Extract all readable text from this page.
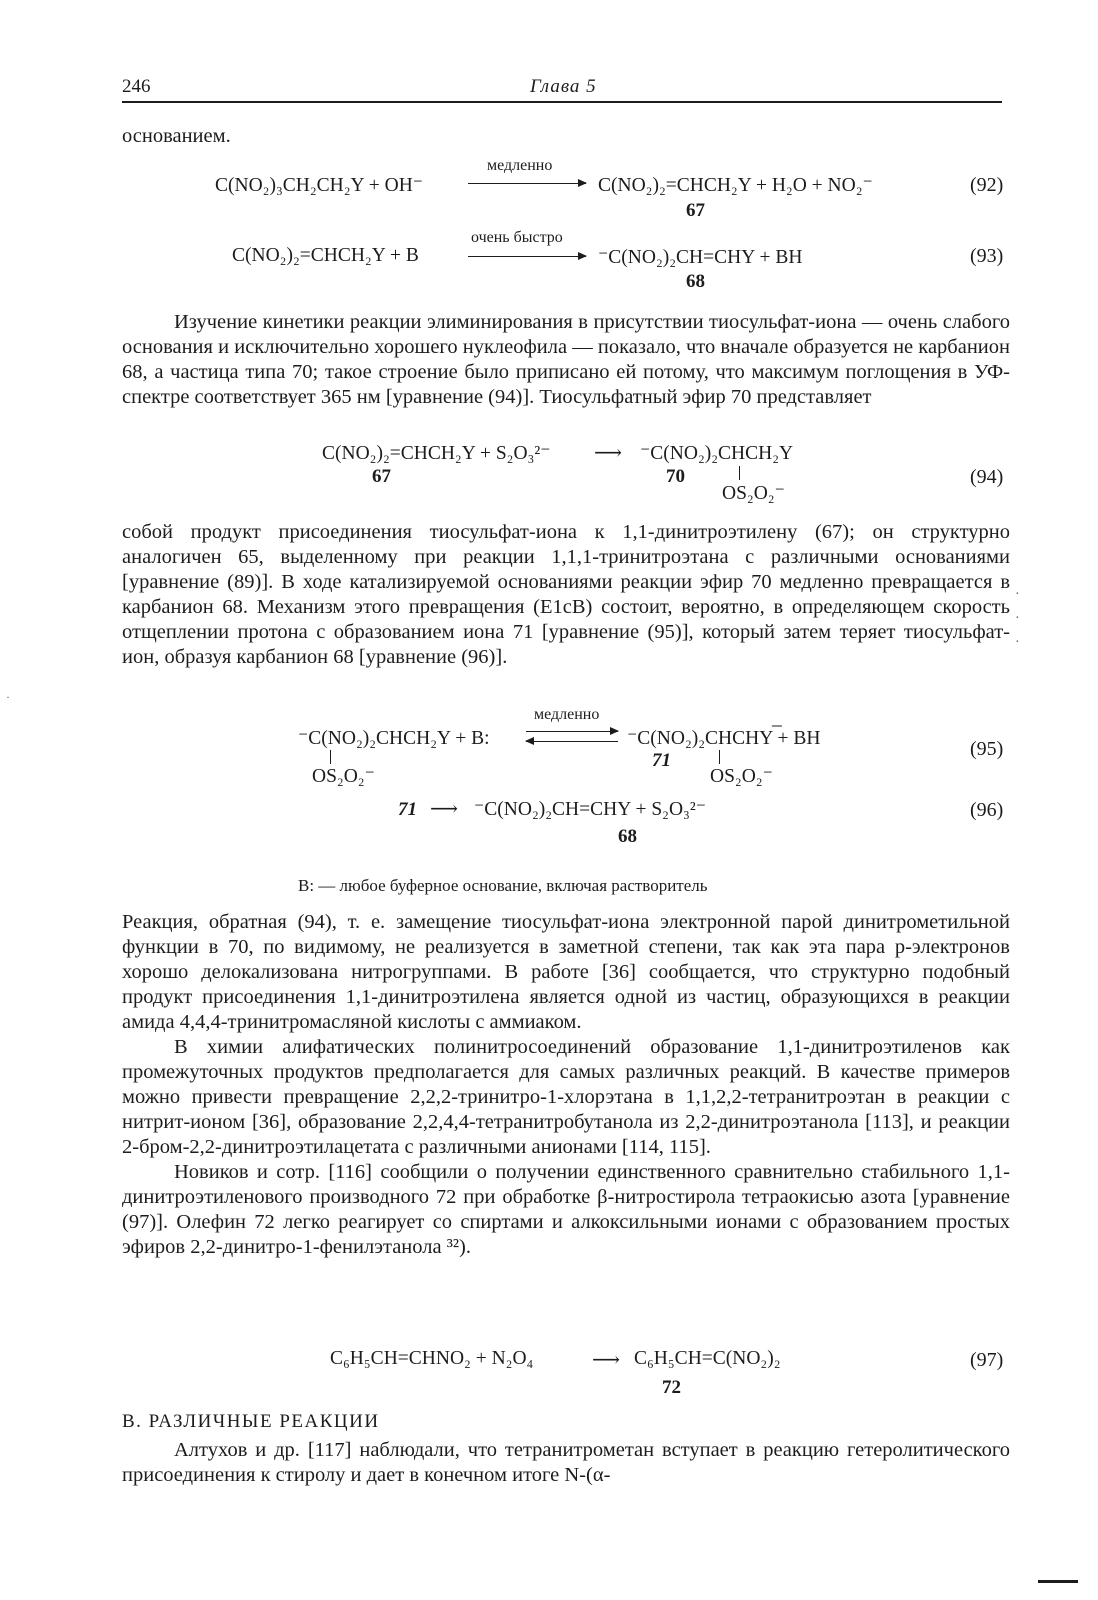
246	Глава 5

основанием.

C(NO₂)₃CH₂CH₂Y + OH⁻
медленно
C(NO₂)₂=CHCH₂Y + H₂O + NO₂⁻
67
(92)
C(NO₂)₂=CHCH₂Y + B
очень быстро
⁻C(NO₂)₂CH=CHY + BH
68
(93)

Изучение кинетики реакции элиминирования в присутствии тиосульфат-иона — очень слабого основания и исключительно хорошего нуклеофила — показало, что вначале образуется не карбанион 68, а частица типа 70; такое строение было приписано ей потому, что максимум поглощения в УФ-спектре соответствует 365 нм [уравнение (94)]. Тиосульфатный эфир 70 представляет

C(NO₂)₂=CHCH₂Y + S₂O₃²⁻ ⟶ ⁻C(NO₂)₂CHCH₂Y
67	70
OS₂O₂⁻
(94)

собой продукт присоединения тиосульфат-иона к 1,1-динитроэтилену (67); он структурно аналогичен 65, выделенному при реакции 1,1,1-тринитроэтана с различными основаниями [уравнение (89)]. В ходе катализируемой основаниями реакции эфир 70 медленно превращается в карбанион 68. Механизм этого превращения (E1cB) состоит, вероятно, в определяющем скорость отщеплении протона с образованием иона 71 [уравнение (95)], который затем теряет тиосульфат-ион, образуя карбанион 68 [уравнение (96)].

⁻C(NO₂)₂CHCH₂Y + B:
медленно	_
⁻C(NO₂)₂CHCHY + BH
71
OS₂O₂⁻	OS₂O₂⁻
(95)
71 ⟶ ⁻C(NO₂)₂CH=CHY + S₂O₃²⁻
68
(96)
B: — любое буферное основание, включая растворитель

Реакция, обратная (94), т. е. замещение тиосульфат-иона электронной парой динитрометильной функции в 70, по видимому, не реализуется в заметной степени, так как эта пара p-электронов хорошо делокализована нитрогруппами. В работе [36] сообщается, что структурно подобный продукт присоединения 1,1-динитроэтилена является одной из частиц, образующихся в реакции амида 4,4,4-тринитромасляной кислоты с аммиаком.

В химии алифатических полинитросоединений образование 1,1-динитроэтиленов как промежуточных продуктов предполагается для самых различных реакций. В качестве примеров можно привести превращение 2,2,2-тринитро-1-хлорэтана в 1,1,2,2-тетранитроэтан в реакции с нитрит-ионом [36], образование 2,2,4,4-тетранитробутанола из 2,2-динитроэтанола [113], и реакции 2-бром-2,2-динитроэтилацетата с различными анионами [114, 115].

Новиков и сотр. [116] сообщили о получении единственного сравнительно стабильного 1,1-динитроэтиленового производного 72 при обработке β-нитростирола тетраокисью азота [уравнение (97)]. Олефин 72 легко реагирует со спиртами и алкоксильными ионами с образованием простых эфиров 2,2-динитро-1-фенилэтанола ³²).

C₆H₅CH=CHNO₂ + N₂O₄	⟶ C₆H₅CH=C(NO₂)₂
72
(97)
В. РАЗЛИЧНЫЕ РЕАКЦИИ

Алтухов и др. [117] наблюдали, что тетранитрометан вступает в реакцию гетеролитического присоединения к стиролу и дает в конечном итоге N-(α-

·
·
·
·
